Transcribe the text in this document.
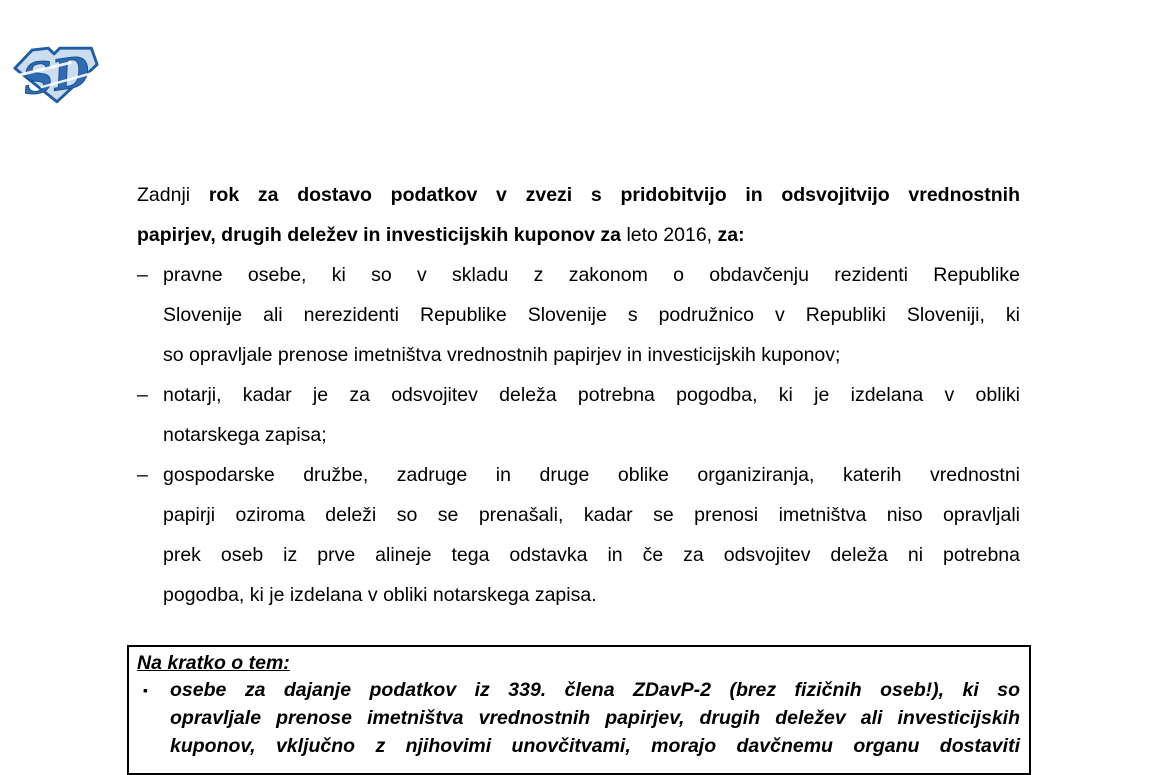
SD
Zadnji rok za dostavo podatkov v zvezi s pridobitvijo in odsvojitvijo vrednostnih
papirjev, drugih deležev in investicijskih kuponov za leto 2016, za:
– pravne osebe, ki so v skladu z zakonom o obdavčenju rezidenti Republike
Slovenije ali nerezidenti Republike Slovenije s podružnico v Republiki Sloveniji, ki
so opravljale prenose imetništva vrednostnih papirjev in investicijskih kuponov;
– notarji, kadar je za odsvojitev deleža potrebna pogodba, ki je izdelana v obliki
notarskega zapisa;
– gospodarske družbe, zadruge in druge oblike organiziranja, katerih vrednostni
papirji oziroma deleži so se prenašali, kadar se prenosi imetništva niso opravljali
prek oseb iz prve alineje tega odstavka in če za odsvojitev deleža ni potrebna
pogodba, ki je izdelana v obliki notarskega zapisa.
Na kratko o tem:
▪	osebe za dajanje podatkov iz 339. člena ZDavP-2 (brez fizičnih oseb!), ki so
opravljale prenose imetništva vrednostnih papirjev, drugih deležev ali investicijskih
kuponov, vključno z njihovimi unovčitvami, morajo davčnemu organu dostaviti
